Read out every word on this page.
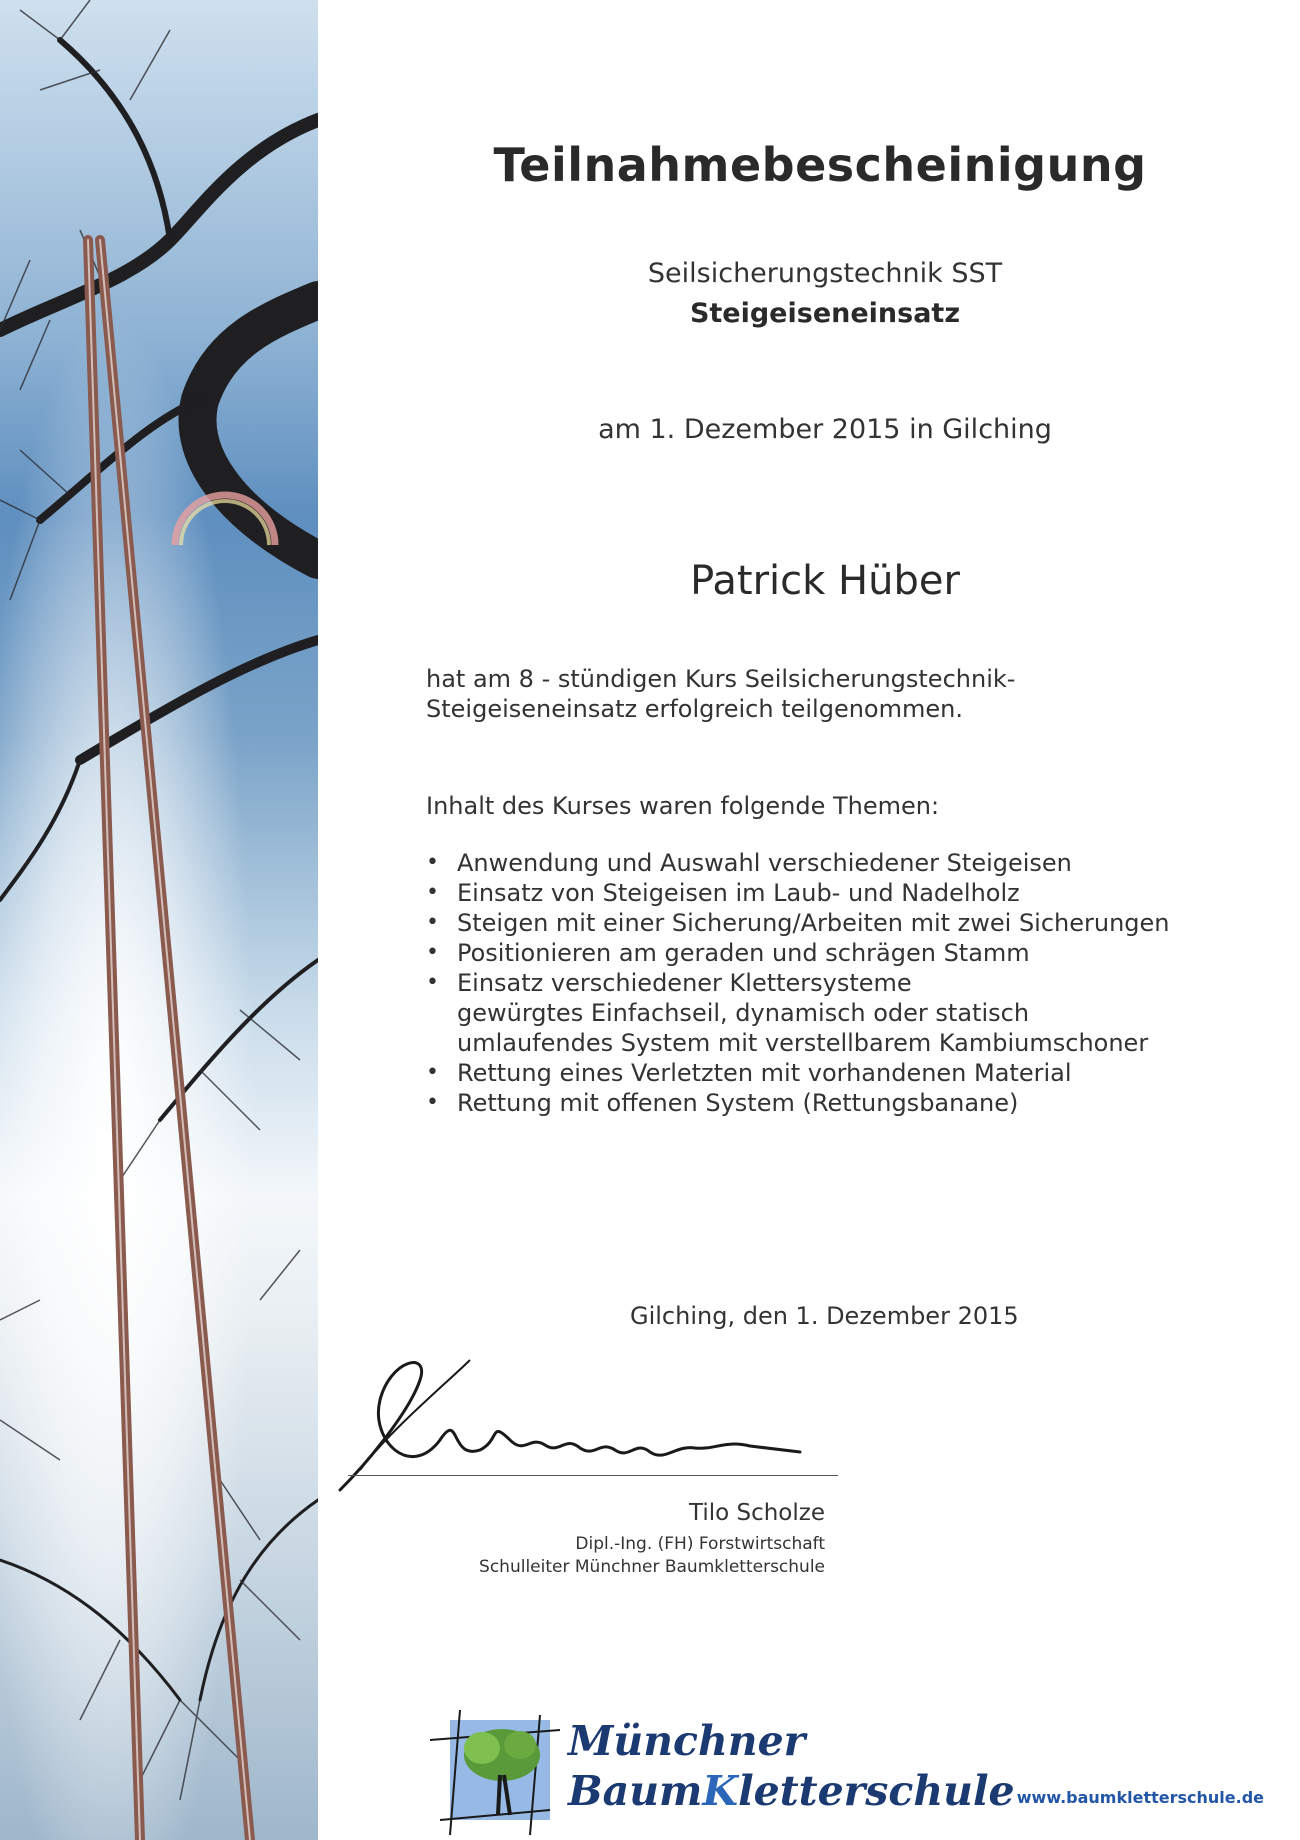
Teilnahmebescheinigung
Seilsicherungstechnik SST
Steigeiseneinsatz
am 1. Dezember 2015 in Gilching
Patrick Hüber
hat am 8 - stündigen Kurs Seilsicherungstechnik-
Steigeiseneinsatz erfolgreich teilgenommen.
Inhalt des Kurses waren folgende Themen:
• Anwendung und Auswahl verschiedener Steigeisen
• Einsatz von Steigeisen im Laub- und Nadelholz
• Steigen mit einer Sicherung/Arbeiten mit zwei Sicherungen
• Positionieren am geraden und schrägen Stamm
• Einsatz verschiedener Klettersysteme
gewürgtes Einfachseil, dynamisch oder statisch
umlaufendes System mit verstellbarem Kambiumschoner
• Rettung eines Verletzten mit vorhandenen Material
• Rettung mit offenen System (Rettungsbanane)
Gilching, den 1. Dezember 2015
Tilo Scholze
Dipl.-Ing. (FH) Forstwirtschaft
Schulleiter Münchner Baumkletterschule
Münchner
BaumKletterschule www.baumkletterschule.de
